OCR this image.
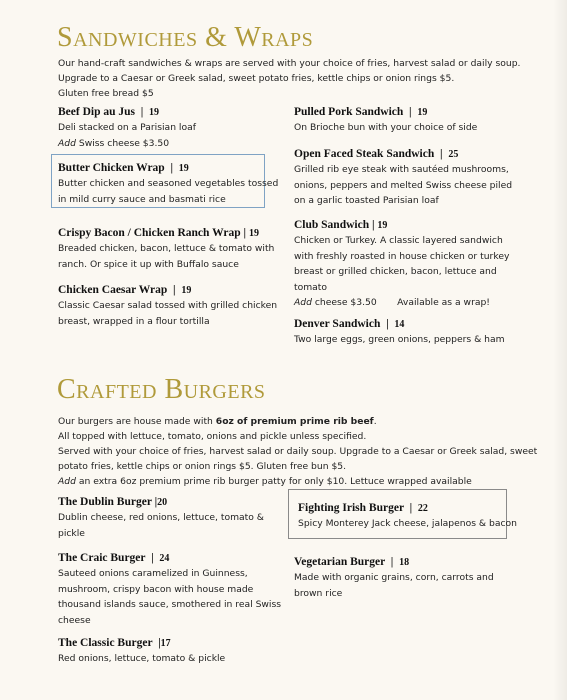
Sandwiches & Wraps

Our hand-craft sandwiches & wraps are served with your choice of fries, harvest salad or daily soup.

Upgrade to a Caesar or Greek salad, sweet potato fries, kettle chips or onion rings $5.

Gluten free bread $5

Beef Dip au Jus  |  19
Deli stacked on a Parisian loaf
Add Swiss cheese $3.50
Butter Chicken Wrap  |  19
Butter chicken and seasoned vegetables tossed
in mild curry sauce and basmati rice
Crispy Bacon / Chicken Ranch Wrap | 19
Breaded chicken, bacon, lettuce & tomato with
ranch. Or spice it up with Buffalo sauce
Chicken Caesar Wrap  |  19
Classic Caesar salad tossed with grilled chicken
breast, wrapped in a flour tortilla
Pulled Pork Sandwich  |  19
On Brioche bun with your choice of side
Open Faced Steak Sandwich  |  25
Grilled rib eye steak with sautéed mushrooms,
onions, peppers and melted Swiss cheese piled
on a garlic toasted Parisian loaf
Club Sandwich | 19
Chicken or Turkey. A classic layered sandwich
with freshly roasted in house chicken or turkey
breast or grilled chicken, bacon, lettuce and
tomato
Add cheese $3.50       Available as a wrap!
Denver Sandwich  |  14
Two large eggs, green onions, peppers & ham
Crafted Burgers

Our burgers are house made with 6oz of premium prime rib beef.

All topped with lettuce, tomato, onions and pickle unless specified.

Served with your choice of fries, harvest salad or daily soup. Upgrade to a Caesar or Greek salad, sweet

potato fries, kettle chips or onion rings $5. Gluten free bun $5.

Add an extra 6oz premium prime rib burger patty for only $10. Lettuce wrapped available

The Dublin Burger |20
Dublin cheese, red onions, lettuce, tomato &
pickle
The Craic Burger  |  24
Sauteed onions caramelized in Guinness,
mushroom, crispy bacon with house made
thousand islands sauce, smothered in real Swiss
cheese
The Classic Burger  |17
Red onions, lettuce, tomato & pickle
Fighting Irish Burger  |  22
Spicy Monterey Jack cheese, jalapenos & bacon
Vegetarian Burger  |  18
Made with organic grains, corn, carrots and
brown rice
